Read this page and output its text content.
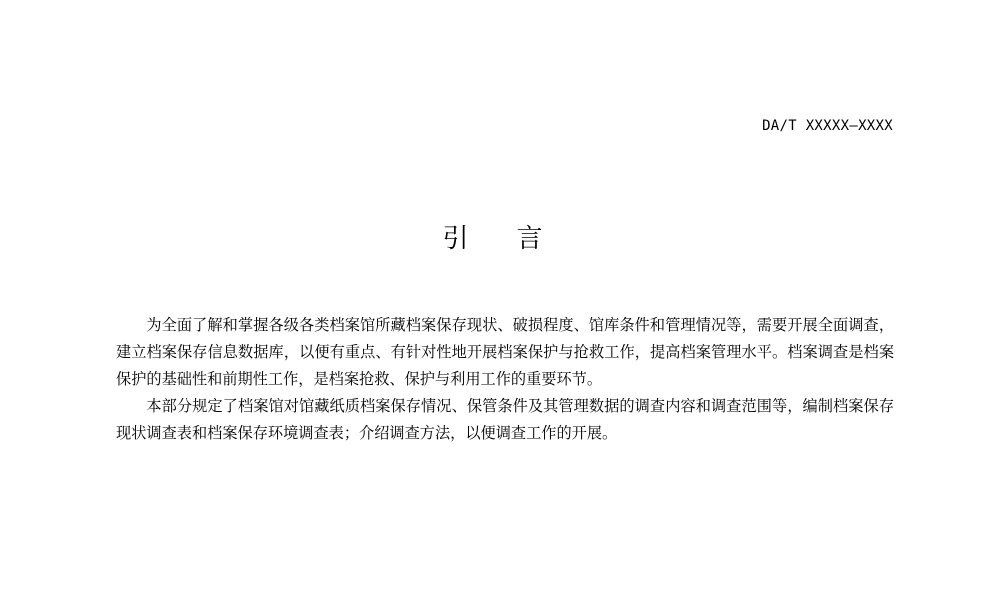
DA/T XXXXX—XXXX
引言

为全面了解和掌握各级各类档案馆所藏档案保存现状、破损程度、馆库条件和管理情况等，需要开展全面调查，建立档案保存信息数据库，以便有重点、有针对性地开展档案保护与抢救工作，提高档案管理水平。档案调查是档案保护的基础性和前期性工作，是档案抢救、保护与利用工作的重要环节。

本部分规定了档案馆对馆藏纸质档案保存情况、保管条件及其管理数据的调查内容和调查范围等，编制档案保存现状调查表和档案保存环境调查表；介绍调查方法，以便调查工作的开展。
